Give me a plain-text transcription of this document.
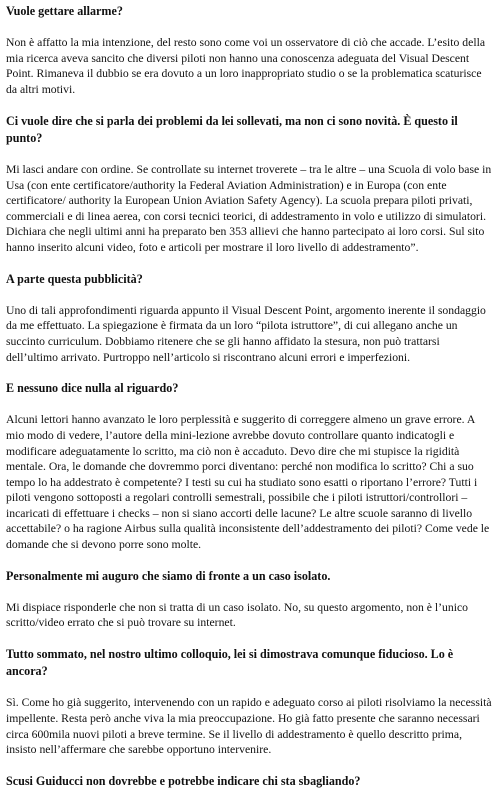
Vuole gettare allarme?
Non è affatto la mia intenzione, del resto sono come voi un osservatore di ciò che accade. L’esito della mia ricerca aveva sancito che diversi piloti non hanno una conoscenza adeguata del Visual Descent Point. Rimaneva il dubbio se era dovuto a un loro inappropriato studio o se la problematica scaturisce da altri motivi.
Ci vuole dire che si parla dei problemi da lei sollevati, ma non ci sono novità. È questo il punto?
Mi lasci andare con ordine. Se controllate su internet troverete – tra le altre – una Scuola di volo base in Usa (con ente certificatore/authority la Federal Aviation Administration) e in Europa (con ente certificatore/ authority la European Union Aviation Safety Agency). La scuola prepara piloti privati, commerciali e di linea aerea, con corsi tecnici teorici, di addestramento in volo e utilizzo di simulatori. Dichiara che negli ultimi anni ha preparato ben 353 allievi che hanno partecipato ai loro corsi. Sul sito hanno inserito alcuni video, foto e articoli per mostrare il loro livello di addestramento”.
A parte questa pubblicità?
Uno di tali approfondimenti riguarda appunto il Visual Descent Point, argomento inerente il sondaggio da me effettuato. La spiegazione è firmata da un loro “pilota istruttore”, di cui allegano anche un succinto curriculum. Dobbiamo ritenere che se gli hanno affidato la stesura, non può trattarsi dell’ultimo arrivato. Purtroppo nell’articolo si riscontrano alcuni errori e imperfezioni.
E nessuno dice nulla al riguardo?
Alcuni lettori hanno avanzato le loro perplessità e suggerito di correggere almeno un grave errore. A mio modo di vedere, l’autore della mini-lezione avrebbe dovuto controllare quanto indicatogli e modificare adeguatamente lo scritto, ma ciò non è accaduto. Devo dire che mi stupisce la rigidità mentale. Ora, le domande che dovremmo porci diventano: perché non modifica lo scritto? Chi a suo tempo lo ha addestrato è competente? I testi su cui ha studiato sono esatti o riportano l’errore? Tutti i piloti vengono sottoposti a regolari controlli semestrali, possibile che i piloti istruttori/controllori – incaricati di effettuare i checks – non si siano accorti delle lacune? Le altre scuole saranno di livello accettabile? o ha ragione Airbus sulla qualità inconsistente dell’addestramento dei piloti? Come vede le domande che si devono porre sono molte.
Personalmente mi auguro che siamo di fronte a un caso isolato.
Mi dispiace risponderle che non si tratta di un caso isolato. No, su questo argomento, non è l’unico scritto/video errato che si può trovare su internet.
Tutto sommato, nel nostro ultimo colloquio, lei si dimostrava comunque fiducioso. Lo è ancora?
Sì. Come ho già suggerito, intervenendo con un rapido e adeguato corso ai piloti risolviamo la necessità impellente. Resta però anche viva la mia preoccupazione. Ho già fatto presente che saranno necessari circa 600mila nuovi piloti a breve termine. Se il livello di addestramento è quello descritto prima, insisto nell’affermare che sarebbe opportuno intervenire.
Scusi Guiducci non dovrebbe e potrebbe indicare chi sta sbagliando?
